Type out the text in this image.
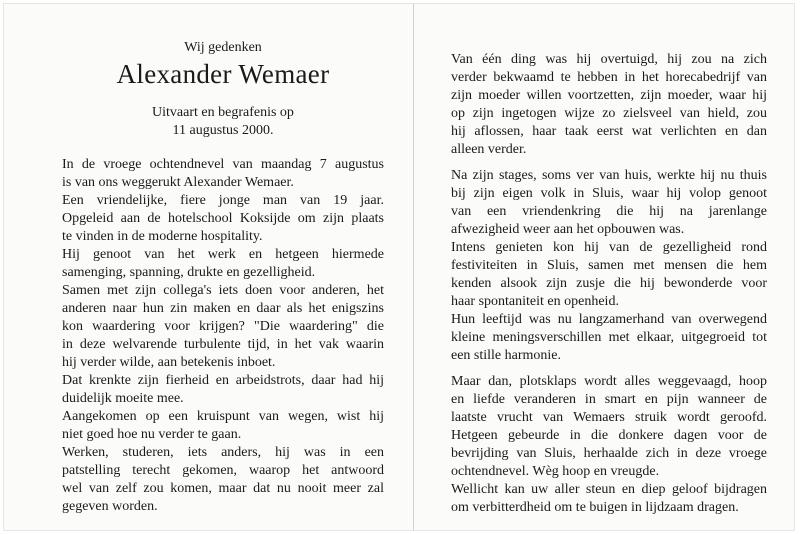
Wij gedenken
Alexander Wemaer
Uitvaart en begrafenis op
11 augustus 2000.
In de vroege ochtendnevel van maandag 7 augustus
is van ons weggerukt Alexander Wemaer.
Een vriendelijke, fiere jonge man van 19 jaar.
Opgeleid aan de hotelschool Koksijde om zijn plaats
te vinden in de moderne hospitality.
Hij genoot van het werk en hetgeen hiermede
samenging, spanning, drukte en gezelligheid.
Samen met zijn collega's iets doen voor anderen, het
anderen naar hun zin maken en daar als het enigszins
kon waardering voor krijgen? "Die waardering" die
in deze welvarende turbulente tijd, in het vak waarin
hij verder wilde, aan betekenis inboet.
Dat krenkte zijn fierheid en arbeidstrots, daar had hij
duidelijk moeite mee.
Aangekomen op een kruispunt van wegen, wist hij
niet goed hoe nu verder te gaan.
Werken, studeren, iets anders, hij was in een
patstelling terecht gekomen, waarop het antwoord
wel van zelf zou komen, maar dat nu nooit meer zal
gegeven worden.
Van één ding was hij overtuigd, hij zou na zich
verder bekwaamd te hebben in het horecabedrijf van
zijn moeder willen voortzetten, zijn moeder, waar hij
op zijn ingetogen wijze zo zielsveel van hield, zou
hij aflossen, haar taak eerst wat verlichten en dan
alleen verder.
Na zijn stages, soms ver van huis, werkte hij nu thuis
bij zijn eigen volk in Sluis, waar hij volop genoot
van een vriendenkring die hij na jarenlange
afwezigheid weer aan het opbouwen was.
Intens genieten kon hij van de gezelligheid rond
festiviteiten in Sluis, samen met mensen die hem
kenden alsook zijn zusje die hij bewonderde voor
haar spontaniteit en openheid.
Hun leeftijd was nu langzamerhand van overwegend
kleine meningsverschillen met elkaar, uitgegroeid tot
een stille harmonie.
Maar dan, plotsklaps wordt alles weggevaagd, hoop
en liefde veranderen in smart en pijn wanneer de
laatste vrucht van Wemaers struik wordt geroofd.
Hetgeen gebeurde in die donkere dagen voor de
bevrijding van Sluis, herhaalde zich in deze vroege
ochtendnevel. Wèg hoop en vreugde.
Wellicht kan uw aller steun en diep geloof bijdragen
om verbitterdheid om te buigen in lijdzaam dragen.
